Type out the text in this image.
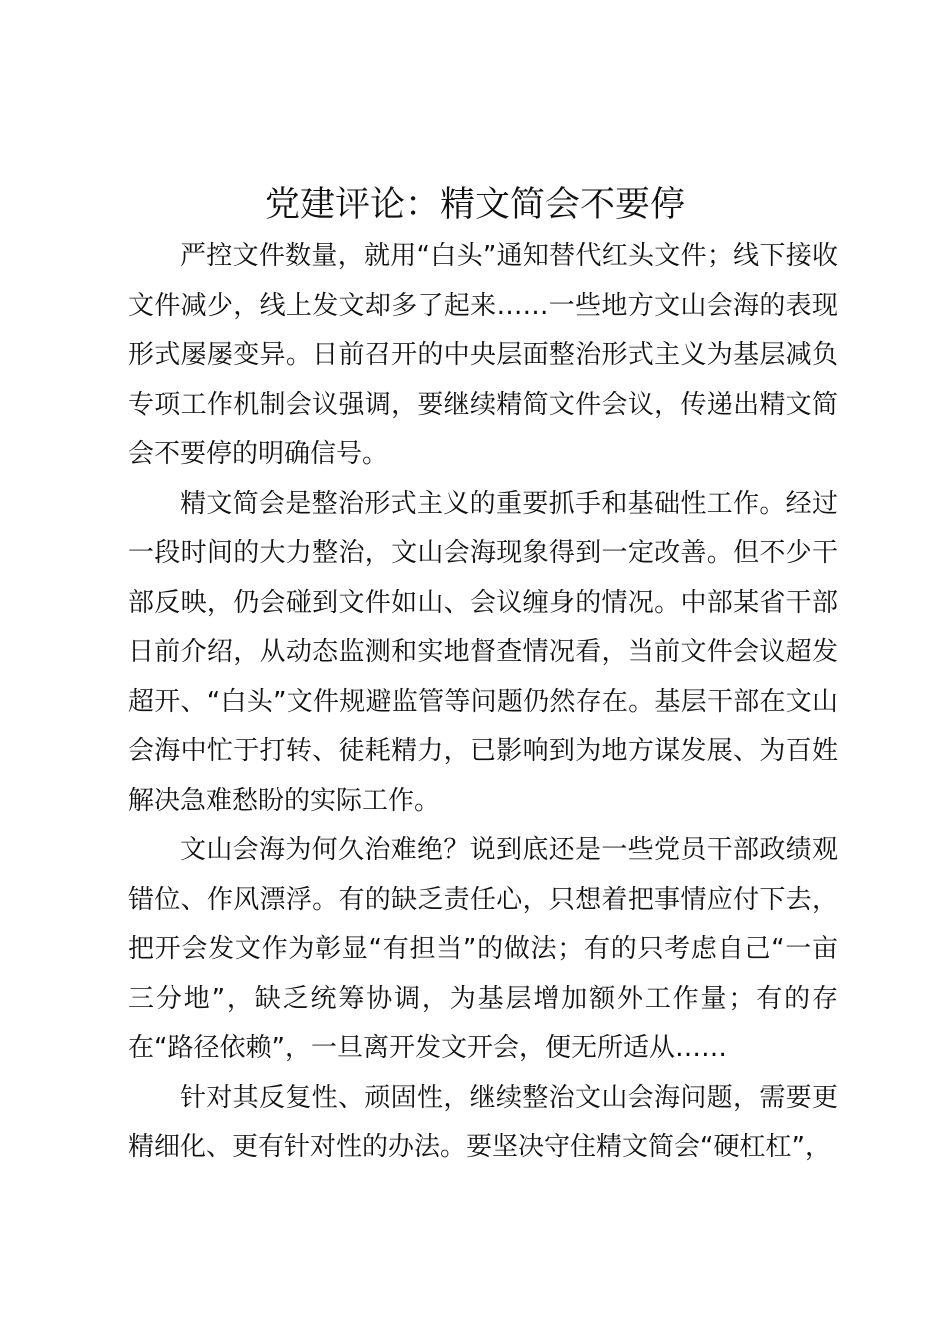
党建评论：精文简会不要停

严控文件数量，就用“白头”通知替代红头文件；线下接收文件减少，线上发文却多了起来……一些地方文山会海的表现形式屡屡变异。日前召开的中央层面整治形式主义为基层减负专项工作机制会议强调，要继续精简文件会议，传递出精文简会不要停的明确信号。

精文简会是整治形式主义的重要抓手和基础性工作。经过一段时间的大力整治，文山会海现象得到一定改善。但不少干部反映，仍会碰到文件如山、会议缠身的情况。中部某省干部日前介绍，从动态监测和实地督查情况看，当前文件会议超发超开、“白头”文件规避监管等问题仍然存在。基层干部在文山会海中忙于打转、徒耗精力，已影响到为地方谋发展、为百姓解决急难愁盼的实际工作。

文山会海为何久治难绝？说到底还是一些党员干部政绩观错位、作风漂浮。有的缺乏责任心，只想着把事情应付下去，把开会发文作为彰显“有担当”的做法；有的只考虑自己“一亩三分地”，缺乏统筹协调，为基层增加额外工作量；有的存在“路径依赖”，一旦离开发文开会，便无所适从……

针对其反复性、顽固性，继续整治文山会海问题，需要更精细化、更有针对性的办法。要坚决守住精文简会“硬杠杠”，
